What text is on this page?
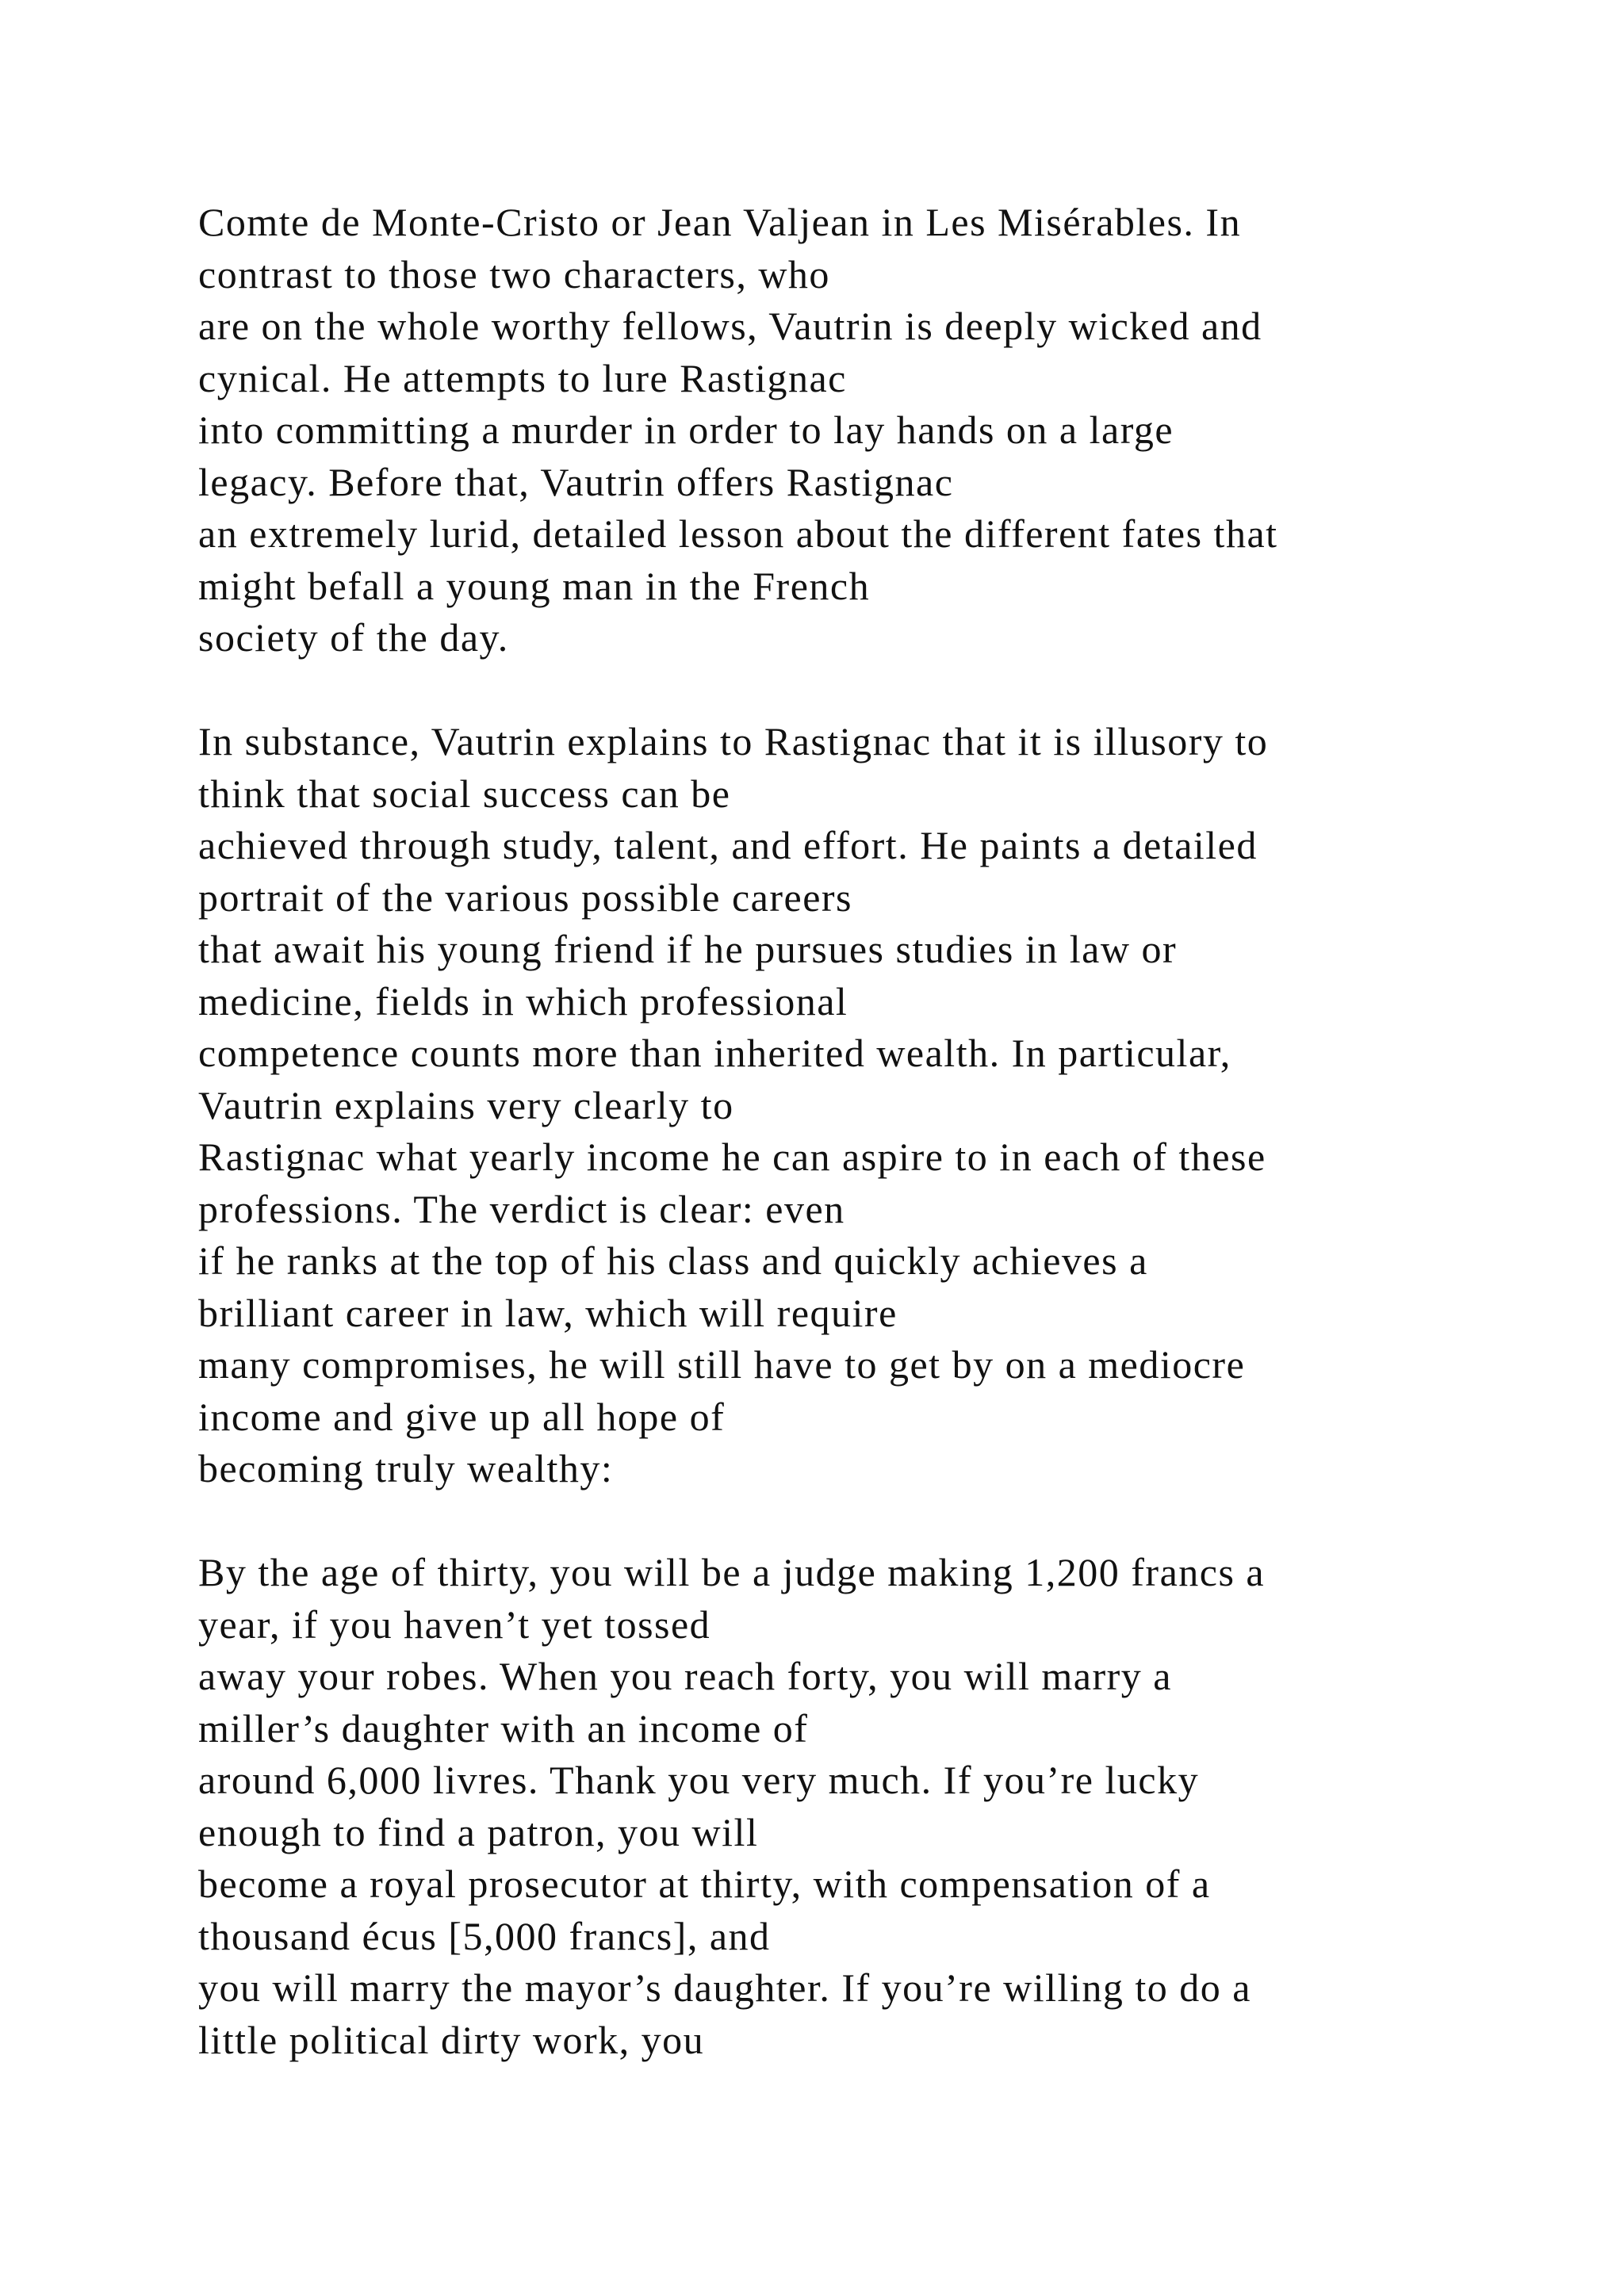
Comte de Monte-Cristo or Jean Valjean in Les Misérables. In
contrast to those two characters, who
are on the whole worthy fellows, Vautrin is deeply wicked and
cynical. He attempts to lure Rastignac
into committing a murder in order to lay hands on a large
legacy. Before that, Vautrin offers Rastignac
an extremely lurid, detailed lesson about the different fates that
might befall a young man in the French
society of the day.
In substance, Vautrin explains to Rastignac that it is illusory to
think that social success can be
achieved through study, talent, and effort. He paints a detailed
portrait of the various possible careers
that await his young friend if he pursues studies in law or
medicine, fields in which professional
competence counts more than inherited wealth. In particular,
Vautrin explains very clearly to
Rastignac what yearly income he can aspire to in each of these
professions. The verdict is clear: even
if he ranks at the top of his class and quickly achieves a
brilliant career in law, which will require
many compromises, he will still have to get by on a mediocre
income and give up all hope of
becoming truly wealthy:
By the age of thirty, you will be a judge making 1,200 francs a
year, if you haven’t yet tossed
away your robes. When you reach forty, you will marry a
miller’s daughter with an income of
around 6,000 livres. Thank you very much. If you’re lucky
enough to find a patron, you will
become a royal prosecutor at thirty, with compensation of a
thousand écus [5,000 francs], and
you will marry the mayor’s daughter. If you’re willing to do a
little political dirty work, you
